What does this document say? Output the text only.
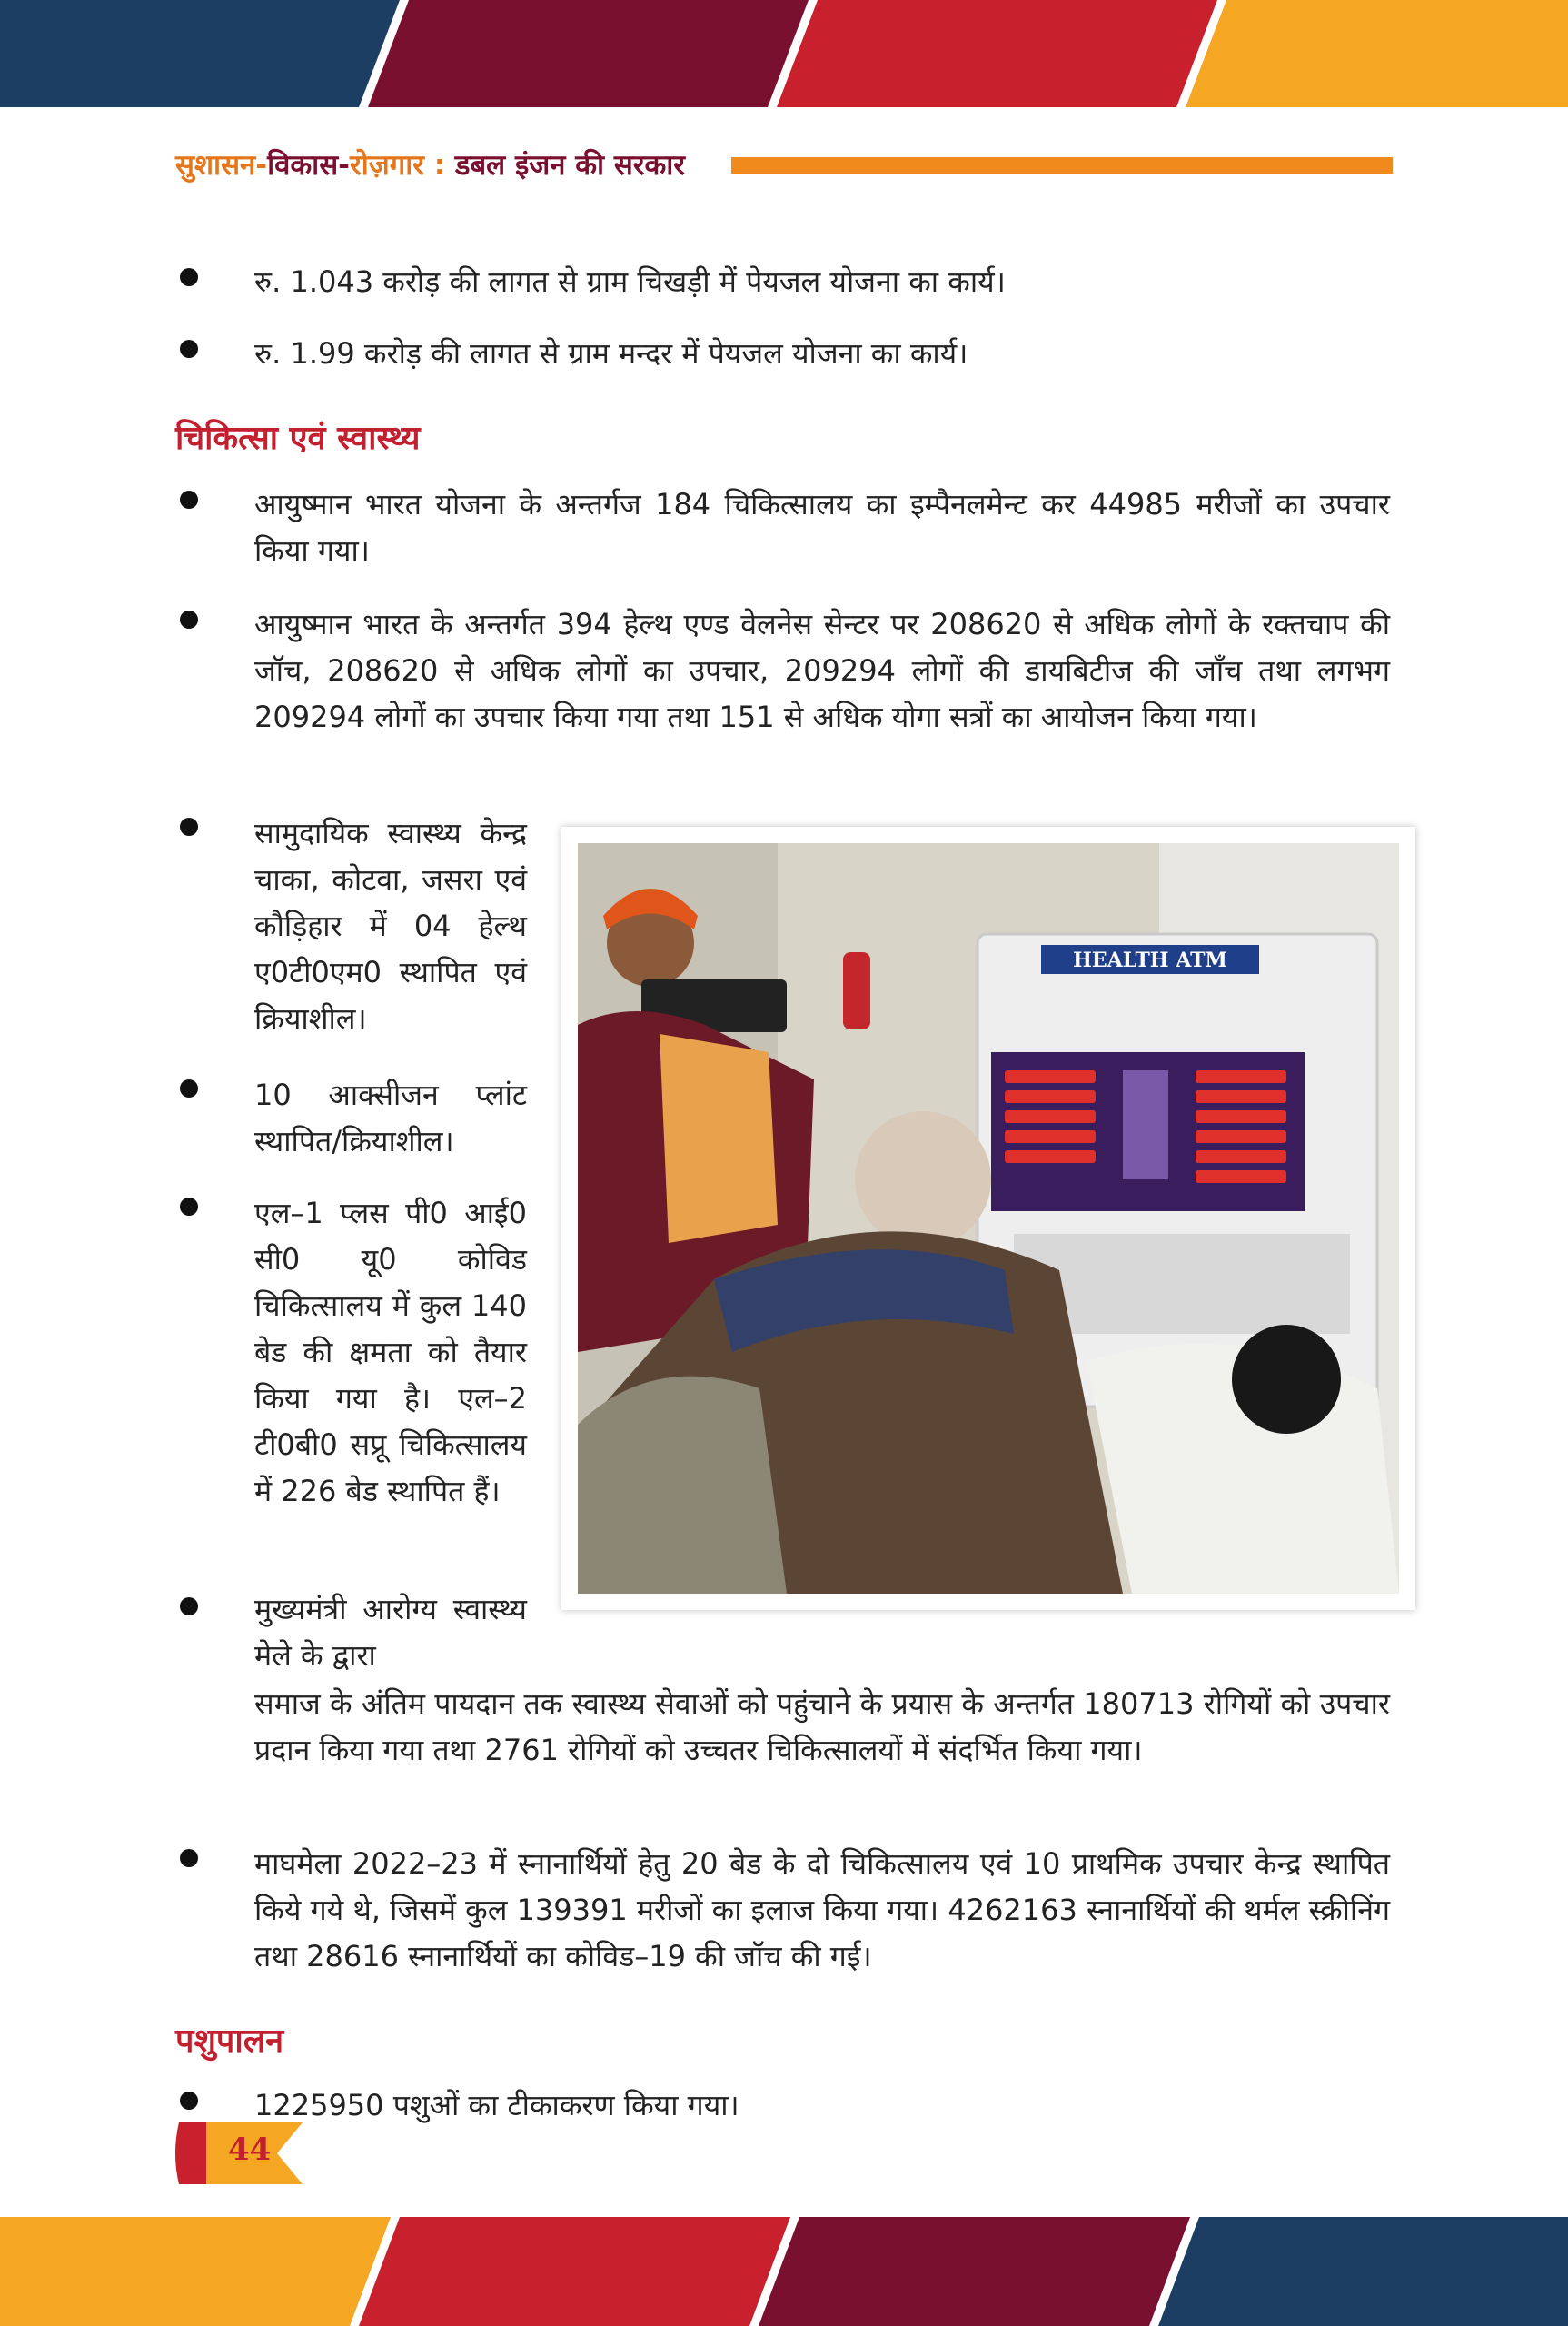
सुशासन-विकास-रोज़गार : डबल इंजन की सरकार
रु. 1.043 करोड़ की लागत से ग्राम चिखड़ी में पेयजल योजना का कार्य।
रु. 1.99 करोड़ की लागत से ग्राम मन्दर में पेयजल योजना का कार्य।
चिकित्सा एवं स्वास्थ्य
आयुष्मान भारत योजना के अन्तर्गज 184 चिकित्सालय का इम्पैनलमेन्ट कर 44985 मरीजों का उपचार किया गया।
आयुष्मान भारत के अन्तर्गत 394 हेल्थ एण्ड वेलनेस सेन्टर पर 208620 से अधिक लोगों के रक्तचाप की जॉच, 208620 से अधिक लोगों का उपचार, 209294 लोगों की डायबिटीज की जाँच तथा लगभग 209294 लोगों का उपचार किया गया तथा 151 से अधिक योगा सत्रों का आयोजन किया गया।
सामुदायिक स्वास्थ्य केन्द्र चाका, कोटवा, जसरा एवं कौड़िहार में 04 हेल्थ ए0टी0एम0 स्थापित एवं क्रियाशील।
10 आक्सीजन प्लांट स्थापित/क्रियाशील।
एल–1 प्लस पी0 आई0 सी0 यू0 कोविड चिकित्सालय में कुल 140 बेड की क्षमता को तैयार किया गया है। एल–2 टी0बी0 सप्रू चिकित्सालय में 226 बेड स्थापित हैं।
मुख्यमंत्री आरोग्य स्वास्थ्य मेले के द्वारा
समाज के अंतिम पायदान तक स्वास्थ्य सेवाओं को पहुंचाने के प्रयास के अन्तर्गत 180713 रोगियों को उपचार प्रदान किया गया तथा 2761 रोगियों को उच्चतर चिकित्सालयों में संदर्भित किया गया।
माघमेला 2022–23 में स्नानार्थियों हेतु 20 बेड के दो चिकित्सालय एवं 10 प्राथमिक उपचार केन्द्र स्थापित किये गये थे, जिसमें कुल 139391 मरीजों का इलाज किया गया। 4262163 स्नानार्थियों की थर्मल स्क्रीनिंग तथा 28616 स्नानार्थियों का कोविड–19 की जॉच की गई।
HEALTH ATM
पशुपालन
1225950 पशुओं का टीकाकरण किया गया।
44
